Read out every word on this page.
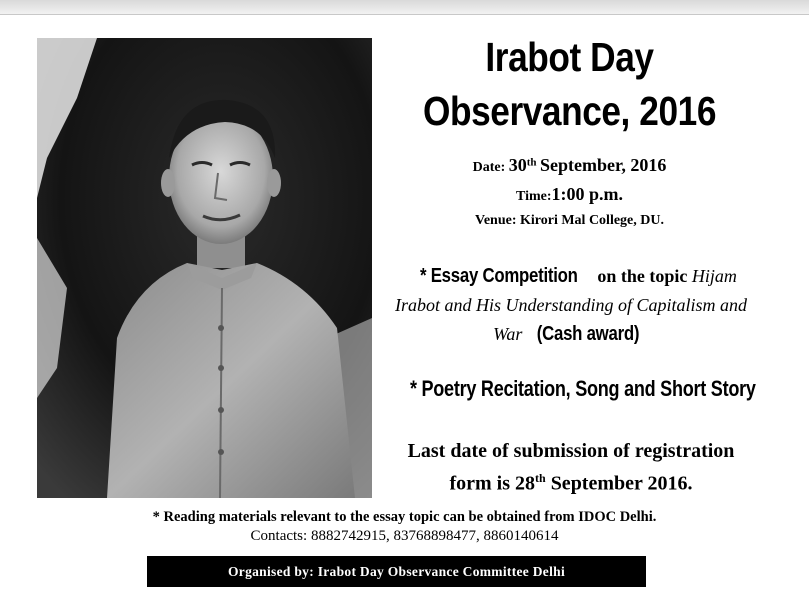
Irabot Day
Observance, 2016
Date: 30th September, 2016
Time:1:00 p.m.
Venue: Kirori Mal College, DU.
* Essay Competition on the topic Hijam
Irabot and His Understanding of Capitalism and
War (Cash award)
* Poetry Recitation, Song and Short Story
Last date of submission of registration
form is 28th September 2016.
* Reading materials relevant to the essay topic can be obtained from IDOC Delhi.
Contacts: 8882742915, 83768898477, 8860140614
Organised by: Irabot Day Observance Committee Delhi
